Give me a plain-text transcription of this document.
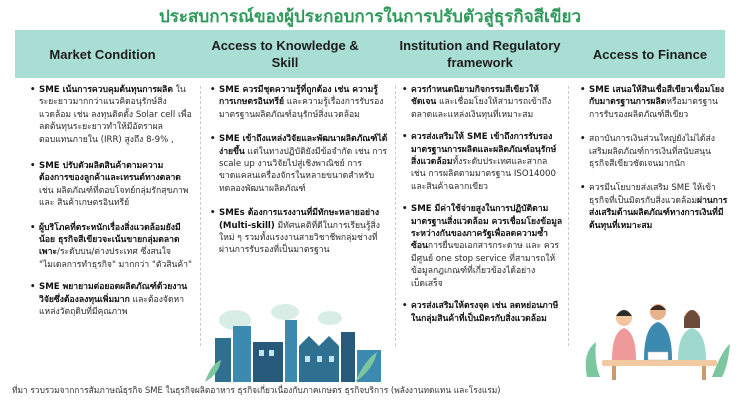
ประสบการณ์ของผู้ประกอบการในการปรับตัวสู่ธุรกิจสีเขียว
Market Condition
Access to Knowledge & Skill
Institution and Regulatory framework
Access to Finance
• SME เน้นการควบคุมต้นทุนการผลิต ในระยะยาวมากกว่าแนวคิดอนุรักษ์สิ่งแวดล้อม เช่น ลงทุนติดตั้ง Solar cell เพื่อลดต้นทุนระยะยาวทำให้มีอัตราผลตอบแทนภายใน (IRR) สูงถึง 8-9% ,
• SME ปรับตัวผลิตสินค้าตามความต้องการของลูกค้าและเทรนด์ทางตลาด เช่น ผลิตภัณฑ์ที่ตอบโจทย์กลุ่มรักสุขภาพ และ สินค้าเกษตรอินทรีย์
• ผู้บริโภคที่ตระหนักเรื่องสิ่งแวดล้อมยังมีน้อย ธุรกิจสีเขียวจะเน้นขายกลุ่มตลาดเพาะ/ระดับบน/ต่างประเทศ ซึ่งสนใจ "ไมเดลการทำธุรกิจ" มากกว่า "ตัวสินค้า"
• SME พยายามต่อยอดผลิตภัณฑ์ด้วยงานวิจัยซึ่งต้องลงทุนเพิ่มมาก และต้องจัดหาแหล่งวัตถุดิบที่มีคุณภาพ
• SME ควรมีชุดความรู้ที่ถูกต้อง เช่น ความรู้การเกษตรอินทรีย์ และความรู้เรื่องการรับรองมาตรฐานผลิตภัณฑ์อนุรักษ์สิ่งแวดล้อม
• SME เข้าถึงแหล่งวิจัยและพัฒนาผลิตภัณฑ์ได้ง่ายขึ้น แต่ในทางปฏิบัติยังมีข้อจำกัด เช่น การ scale up งานวิจัยไปสู่เชิงพาณิชย์ การขาดแคลนเครื่องจักรในหลายขนาดสำหรับทดลองพัฒนาผลิตภัณฑ์
• SMEs ต้องการแรงงานที่มีทักษะหลายอย่าง (Multi-skill) มีทัศนคติที่ดีในการเรียนรู้สิ่งใหม่ ๆ รวมทั้งแรงงานสายวิชาชีพกลุ่มช่างที่ผ่านการรับรองที่เป็นมาตรฐาน
• ควรกำหนดนิยามกิจกรรมสีเขียวให้ชัดเจน และเชื่อมโยงให้สามารถเข้าถึงตลาดและแหล่งเงินทุนที่เหมาะสม
• ควรส่งเสริมให้ SME เข้าถึงการรับรองมาตรฐานการผลิตและผลิตภัณฑ์อนุรักษ์สิ่งแวดล้อมทั้งระดับประเทศและสากล เช่น การผลิตตามมาตรฐาน ISO14000 และสินค้าฉลากเขียว
• SME มีค่าใช้จ่ายสูงในการปฏิบัติตามมาตรฐานสิ่งแวดล้อม ควรเชื่อมโยงข้อมูลระหว่างกันของภาครัฐเพื่อลดความซ้ำซ้อนการยื่นขอเอกสารกระดาษ และ ควรมีศูนย์ one stop service ที่สามารถให้ข้อมูลกฎเกณฑ์ที่เกี่ยวข้องได้อย่างเบ็ดเสร็จ
• ควรส่งเสริมให้ตรงจุด เช่น ลดหย่อนภาษีในกลุ่มสินค้าที่เป็นมิตรกับสิ่งแวดล้อม
• SME เสนอให้สินเชื่อสีเขียวเชื่อมโยงกับมาตรฐานการผลิตหรือมาตรฐานการรับรองผลิตภัณฑ์สีเขียว
• สถาบันการเงินส่วนใหญ่ยังไม่ได้ส่งเสริมผลิตภัณฑ์การเงินที่สนับสนุนธุรกิจสีเขียวชัดเจนมากนัก
• ควรมีนโยบายส่งเสริม SME ให้เข้าธุรกิจที่เป็นมิตรกับสิ่งแวดล้อมผ่านการส่งเสริมด้านผลิตภัณฑ์ทางการเงินที่มีต้นทุนที่เหมาะสม
ที่มา รวบรวมจากการสัมภาษณ์ธุรกิจ SME ในธุรกิจผลิตอาหาร ธุรกิจเกี่ยวเนื่องกับภาคเกษตร ธุรกิจบริการ (พลังงานทดแทน และโรงแรม)
